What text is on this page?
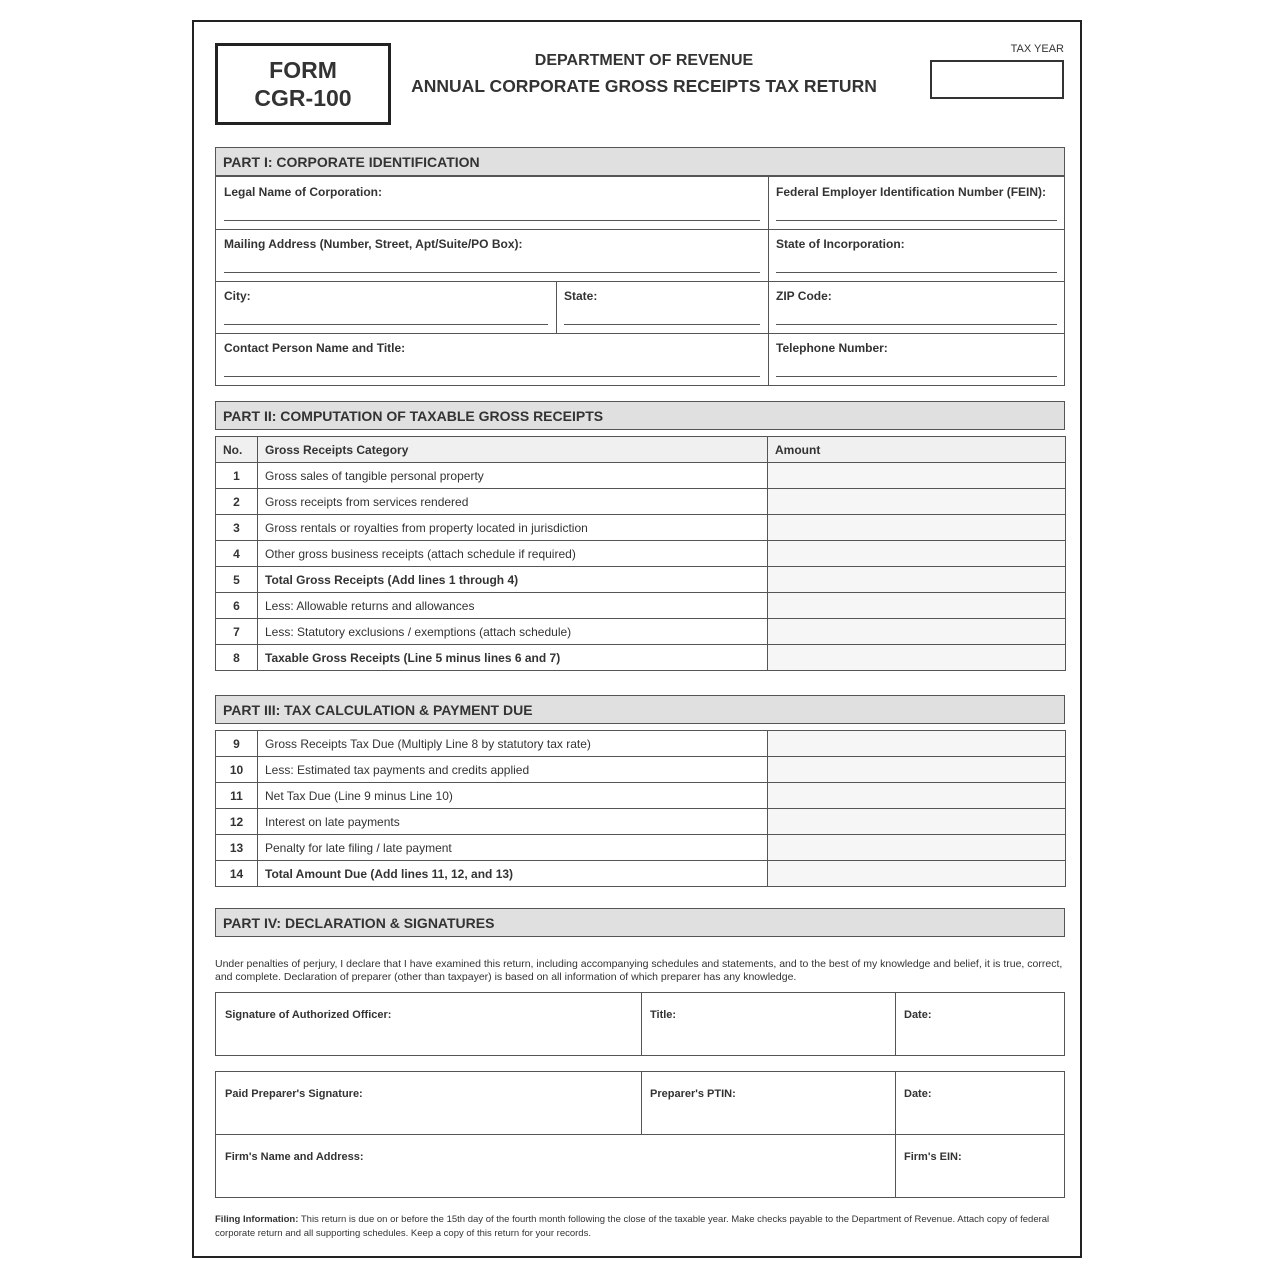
FORM
CGR-100
DEPARTMENT OF REVENUE
ANNUAL CORPORATE GROSS RECEIPTS TAX RETURN
TAX YEAR
PART I: CORPORATE IDENTIFICATION
Legal Name of Corporation:	Federal Employer Identification Number (FEIN):
Mailing Address (Number, Street, Apt/Suite/PO Box):	State of Incorporation:
City:	State:	ZIP Code:
Contact Person Name and Title:	Telephone Number:
PART II: COMPUTATION OF TAXABLE GROSS RECEIPTS
No.	Gross Receipts Category	Amount
1	Gross sales of tangible personal property	
2	Gross receipts from services rendered	
3	Gross rentals or royalties from property located in jurisdiction	
4	Other gross business receipts (attach schedule if required)	
5	Total Gross Receipts (Add lines 1 through 4)	
6	Less: Allowable returns and allowances	
7	Less: Statutory exclusions / exemptions (attach schedule)	
8	Taxable Gross Receipts (Line 5 minus lines 6 and 7)	
PART III: TAX CALCULATION & PAYMENT DUE
9	Gross Receipts Tax Due (Multiply Line 8 by statutory tax rate)	
10	Less: Estimated tax payments and credits applied	
11	Net Tax Due (Line 9 minus Line 10)	
12	Interest on late payments	
13	Penalty for late filing / late payment	
14	Total Amount Due (Add lines 11, 12, and 13)	
PART IV: DECLARATION & SIGNATURES
Under penalties of perjury, I declare that I have examined this return, including accompanying schedules and statements, and to the best of my knowledge and belief, it is true, correct, and complete. Declaration of preparer (other than taxpayer) is based on all information of which preparer has any knowledge.
Signature of Authorized Officer:	Title:	Date:
Paid Preparer's Signature:	Preparer's PTIN:	Date:
Firm's Name and Address:	Firm's EIN:
Filing Information: This return is due on or before the 15th day of the fourth month following the close of the taxable year. Make checks payable to the Department of Revenue. Attach copy of federal corporate return and all supporting schedules. Keep a copy of this return for your records.
